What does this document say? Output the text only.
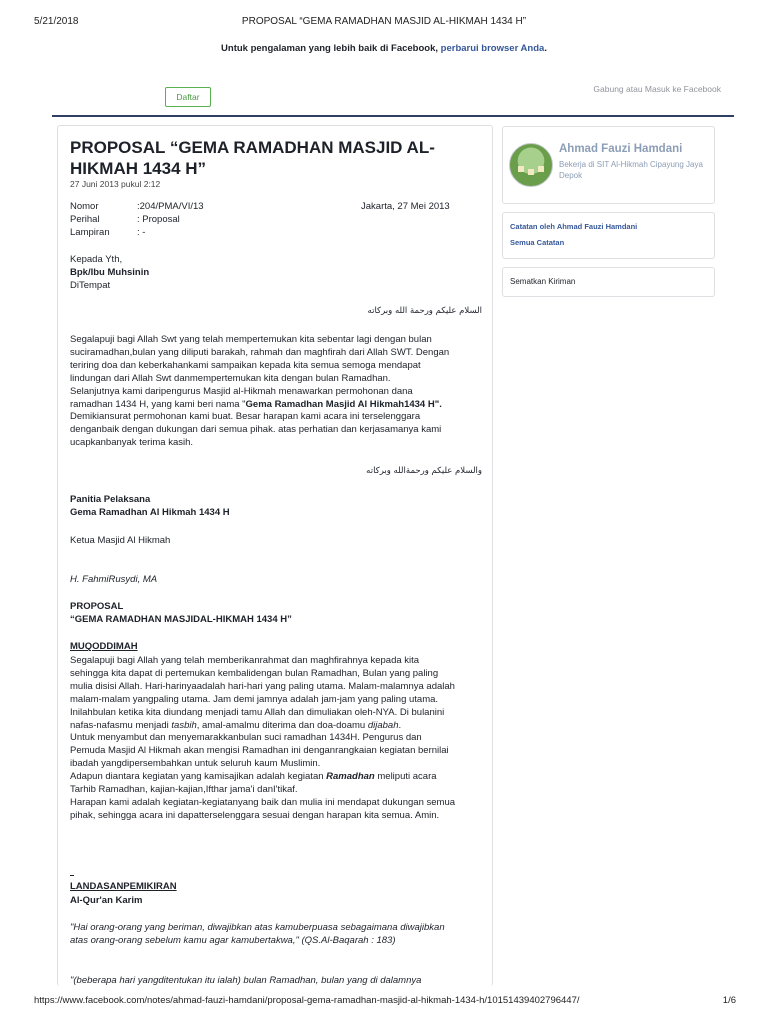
5/21/2018	PROPOSAL “GEMA RAMADHAN MASJID AL-HIKMAH 1434 H”
Untuk pengalaman yang lebih baik di Facebook, perbarui browser Anda.
Daftar
Gabung atau Masuk ke Facebook
PROPOSAL “GEMA RAMADHAN MASJID AL-HIKMAH 1434 H”
27 Juni 2013 pukul 2:12
Nomor	:204/PMA/VI/13
Perihal	: Proposal
Lampiran	: -
Jakarta, 27 Mei 2013
Kepada Yth,
Bpk/Ibu Muhsinin
DiTempat
السلام عليكم ورحمة الله وبركاته
Segalapuji bagi Allah Swt yang telah mempertemukan kita sebentar lagi dengan bulan
suciramadhan,bulan yang diliputi barakah, rahmah dan maghfirah dari Allah SWT. Dengan
teriring doa dan keberkahankami sampaikan kepada kita semua semoga mendapat
lindungan dari Allah Swt danmempertemukan kita dengan bulan Ramadhan.
Selanjutnya kami daripengurus Masjid al-Hikmah menawarkan permohonan dana
ramadhan 1434 H, yang kami beri nama "Gema Ramadhan Masjid Al Hikmah1434 H".
Demikiansurat permohonan kami buat. Besar harapan kami acara ini terselenggara
denganbaik dengan dukungan dari semua pihak. atas perhatian dan kerjasamanya kami
ucapkanbanyak terima kasih.
والسلام عليكم ورحمةالله وبركاته
Panitia Pelaksana
Gema Ramadhan Al Hikmah 1434 H
Ketua Masjid Al Hikmah
H. FahmiRusydi, MA
PROPOSAL
“GEMA RAMADHAN MASJIDAL-HIKMAH 1434 H”
MUQODDIMAH
Segalapuji bagi Allah yang telah memberikanrahmat dan maghfirahnya kepada kita
sehingga kita dapat di pertemukan kembalidengan bulan Ramadhan, Bulan yang paling
mulia disisi Allah. Hari-harinyaadalah hari-hari yang paling utama. Malam-malamnya adalah
malam-malam yangpaling utama. Jam demi jamnya adalah jam-jam yang paling utama.
Inilahbulan ketika kita diundang menjadi tamu Allah dan dimuliakan oleh-NYA. Di bulanini
nafas-nafasmu menjadi tasbih, amal-amalmu diterima dan doa-doamu dijabah.
Untuk menyambut dan menyemarakkanbulan suci ramadhan 1434H. Pengurus dan
Pemuda Masjid Al Hikmah akan mengisi Ramadhan ini denganrangkaian kegiatan bernilai
ibadah yangdipersembahkan untuk seluruh kaum Muslimin.
Adapun diantara kegiatan yang kamisajikan adalah kegiatan Ramadhan meliputi acara
Tarhib Ramadhan, kajian-kajian,Ifthar jama'i danI'tikaf.
Harapan kami adalah kegiatan-kegiatanyang baik dan mulia ini mendapat dukungan semua
pihak, sehingga acara ini dapatterselenggara sesuai dengan harapan kita semua. Amin.
LANDASANPEMIKIRAN
Al-Qur'an Karim
"Hai orang-orang yang beriman, diwajibkan atas kamuberpuasa sebagaimana diwajibkan
atas orang-orang sebelum kamu agar kamubertakwa," (QS.Al-Baqarah : 183)
"(beberapa hari yangditentukan itu ialah) bulan Ramadhan, bulan yang di dalamnya
Ahmad Fauzi Hamdani
Bekerja di SIT Al-Hikmah Cipayung Jaya Depok
Catatan oleh Ahmad Fauzi Hamdani
Semua Catatan
Sematkan Kiriman
https://www.facebook.com/notes/ahmad-fauzi-hamdani/proposal-gema-ramadhan-masjid-al-hikmah-1434-h/10151439402796447/	1/6
